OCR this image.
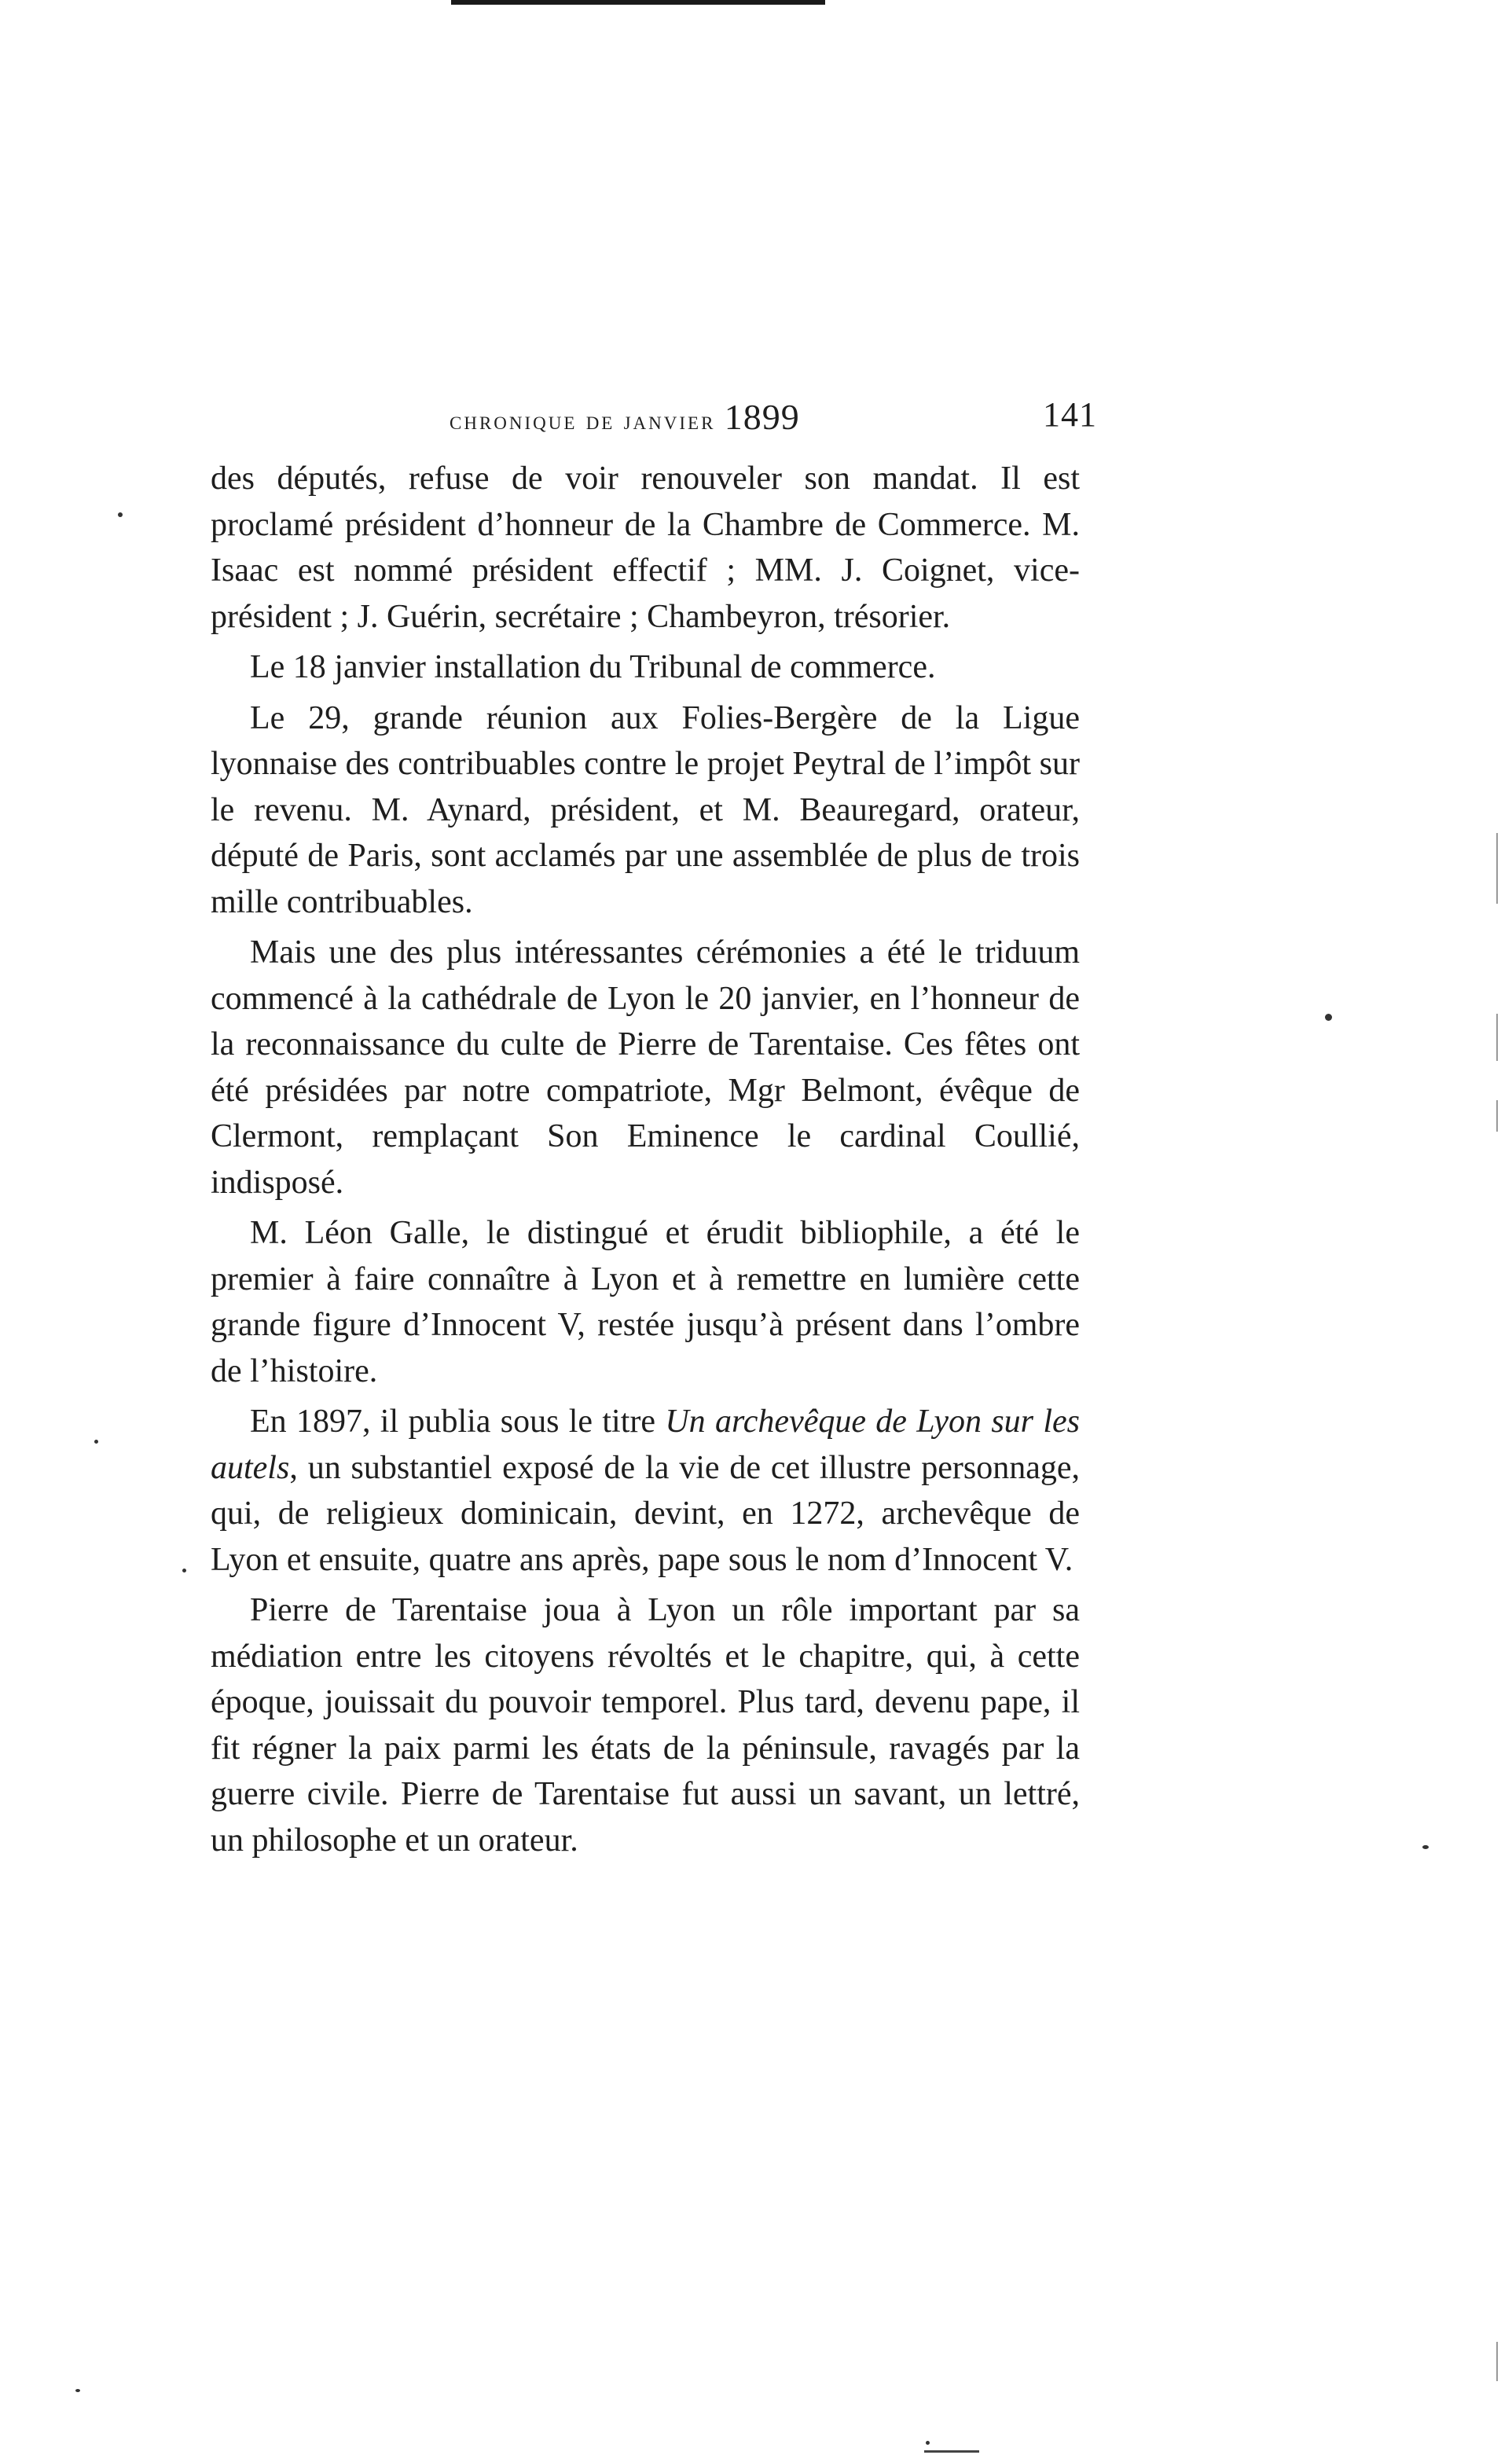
chronique de janvier 1899	141

des députés, refuse de voir renouveler son mandat. Il est proclamé président d’honneur de la Chambre de Commerce. M. Isaac est nommé président effectif ; MM. J. Coignet, vice-président ; J. Guérin, secrétaire ; Chambeyron, trésorier.

Le 18 janvier installation du Tribunal de commerce.

Le 29, grande réunion aux Folies-Bergère de la Ligue lyonnaise des contribuables contre le projet Peytral de l’impôt sur le revenu. M. Aynard, président, et M. Beauregard, orateur, député de Paris, sont acclamés par une assemblée de plus de trois mille contribuables.

Mais une des plus intéressantes cérémonies a été le triduum commencé à la cathédrale de Lyon le 20 janvier, en l’honneur de la reconnaissance du culte de Pierre de Tarentaise. Ces fêtes ont été présidées par notre compatriote, Mgr Belmont, évêque de Clermont, remplaçant Son Eminence le cardinal Coullié, indisposé.

M. Léon Galle, le distingué et érudit bibliophile, a été le premier à faire connaître à Lyon et à remettre en lumière cette grande figure d’Innocent V, restée jusqu’à présent dans l’ombre de l’histoire.

En 1897, il publia sous le titre Un archevêque de Lyon sur les autels, un substantiel exposé de la vie de cet illustre personnage, qui, de religieux dominicain, devint, en 1272, archevêque de Lyon et ensuite, quatre ans après, pape sous le nom d’Innocent V.

Pierre de Tarentaise joua à Lyon un rôle important par sa médiation entre les citoyens révoltés et le chapitre, qui, à cette époque, jouissait du pouvoir temporel. Plus tard, devenu pape, il fit régner la paix parmi les états de la péninsule, ravagés par la guerre civile. Pierre de Tarentaise fut aussi un savant, un lettré, un philosophe et un orateur.
